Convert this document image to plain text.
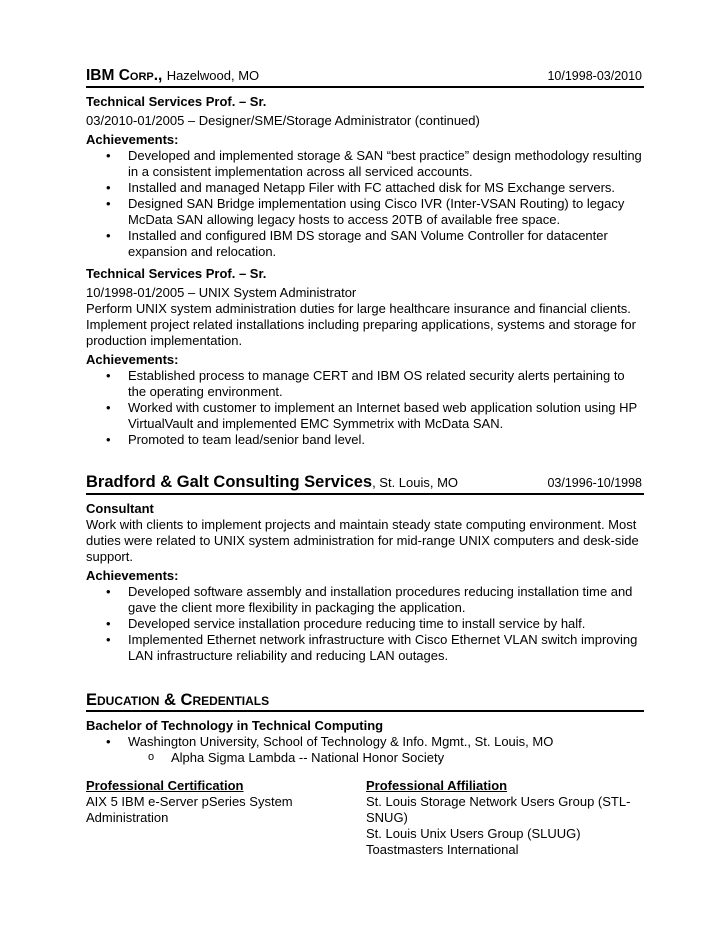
IBM Corp., Hazelwood, MO	10/1998-03/2010
Technical Services Prof. – Sr.
03/2010-01/2005 – Designer/SME/Storage Administrator (continued)
Achievements:
• Developed and implemented storage & SAN “best practice” design methodology resulting in a consistent implementation across all serviced accounts.
• Installed and managed Netapp Filer with FC attached disk for MS Exchange servers.
• Designed SAN Bridge implementation using Cisco IVR (Inter-VSAN Routing) to legacy McData SAN allowing legacy hosts to access 20TB of available free space.
• Installed and configured IBM DS storage and SAN Volume Controller for datacenter expansion and relocation.
Technical Services Prof. – Sr.
10/1998-01/2005 – UNIX System Administrator
Perform UNIX system administration duties for large healthcare insurance and financial clients. Implement project related installations including preparing applications, systems and storage for production implementation.
Achievements:
• Established process to manage CERT and IBM OS related security alerts pertaining to the operating environment.
• Worked with customer to implement an Internet based web application solution using HP VirtualVault and implemented EMC Symmetrix with McData SAN.
• Promoted to team lead/senior band level.
Bradford & Galt Consulting Services, St. Louis, MO	03/1996-10/1998
Consultant
Work with clients to implement projects and maintain steady state computing environment. Most duties were related to UNIX system administration for mid-range UNIX computers and desk-side support.
Achievements:
• Developed software assembly and installation procedures reducing installation time and gave the client more flexibility in packaging the application.
• Developed service installation procedure reducing time to install service by half.
• Implemented Ethernet network infrastructure with Cisco Ethernet VLAN switch improving LAN infrastructure reliability and reducing LAN outages.
Education & Credentials
Bachelor of Technology in Technical Computing
• Washington University, School of Technology & Info. Mgmt., St. Louis, MO
o Alpha Sigma Lambda -- National Honor Society
Professional Certification
AIX 5 IBM e-Server pSeries System
Administration
Professional Affiliation
St. Louis Storage Network Users Group (STL-
SNUG)
St. Louis Unix Users Group (SLUUG)
Toastmasters International
